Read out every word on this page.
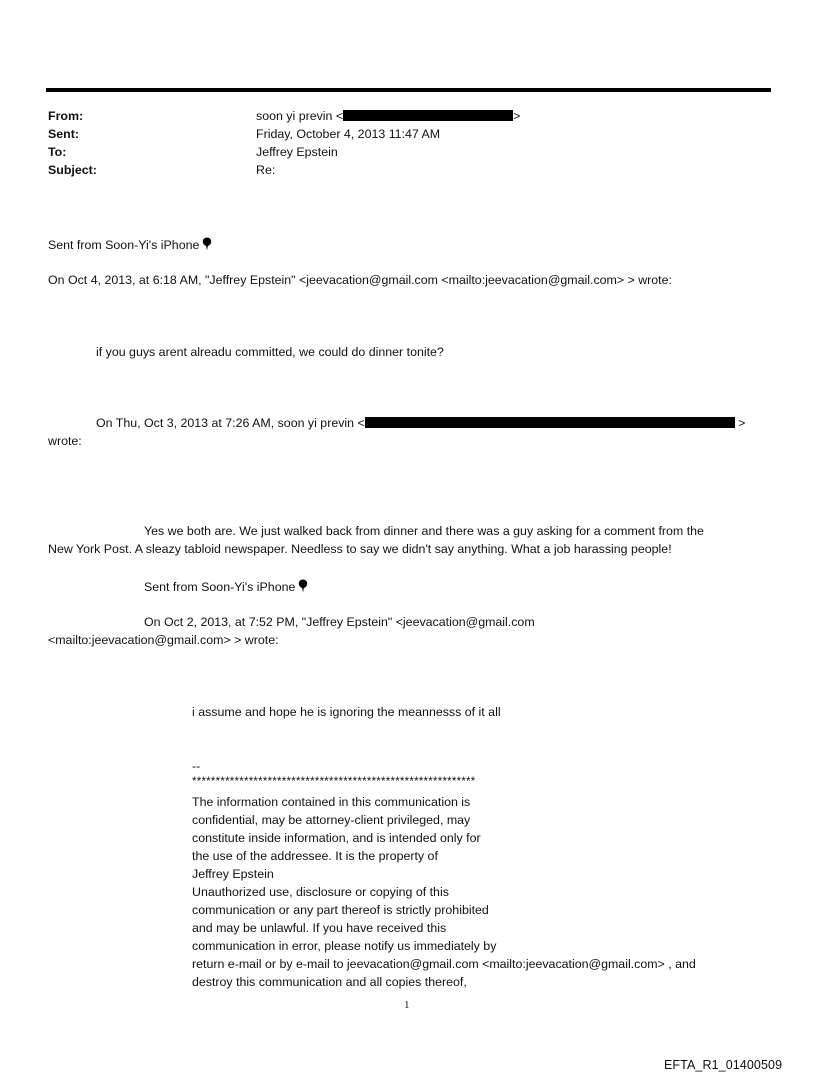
From:
Sent:
To:
Subject:
soon yi previn <	>
Friday, October 4, 2013 11:47 AM
Jeffrey Epstein
Re:
Sent from Soon-Yi's iPhone
On Oct 4, 2013, at 6:18 AM, "Jeffrey Epstein" <jeevacation@gmail.com <mailto:jeevacation@gmail.com> > wrote:
if you guys arent alreadu committed, we could do dinner tonite?
On Thu, Oct 3, 2013 at 7:26 AM, soon yi previn <	>
wrote:
Yes we both are. We just walked back from dinner and there was a guy asking for a comment from the
New York Post. A sleazy tabloid newspaper. Needless to say we didn't say anything. What a job harassing people!
Sent from Soon-Yi's iPhone
On Oct 2, 2013, at 7:52 PM, "Jeffrey Epstein" <jeevacation@gmail.com
<mailto:jeevacation@gmail.com> > wrote:
i assume and hope he is ignoring the meannesss of it all
--
************************************************************
The information contained in this communication is
confidential, may be attorney-client privileged, may
constitute inside information, and is intended only for
the use of the addressee. It is the property of
Jeffrey Epstein
Unauthorized use, disclosure or copying of this
communication or any part thereof is strictly prohibited
and may be unlawful. If you have received this
communication in error, please notify us immediately by
return e-mail or by e-mail to jeevacation@gmail.com <mailto:jeevacation@gmail.com> , and
destroy this communication and all copies thereof,
1
EFTA_R1_01400509
